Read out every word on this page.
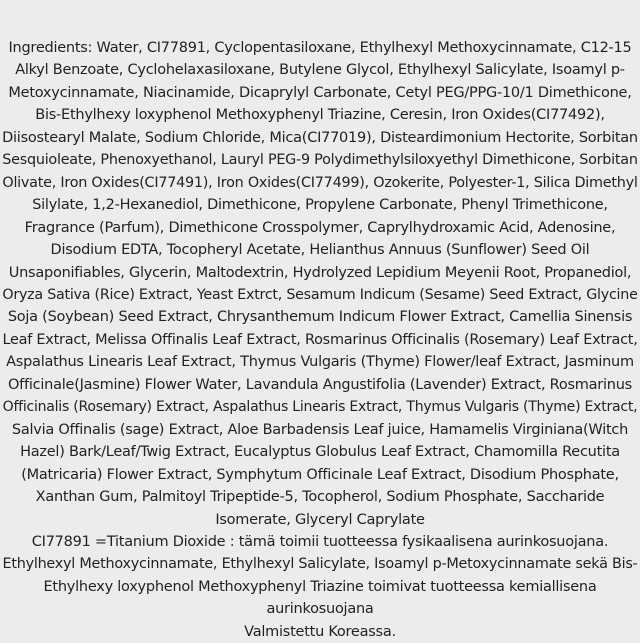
Ingredients: Water, CI77891, Cyclopentasiloxane, Ethylhexyl Methoxycinnamate, C12-15
Alkyl Benzoate, Cyclohelaxasiloxane, Butylene Glycol, Ethylhexyl Salicylate, Isoamyl p-
Metoxycinnamate, Niacinamide, Dicaprylyl Carbonate, Cetyl PEG/PPG-10/1 Dimethicone,
Bis-Ethylhexy loxyphenol Methoxyphenyl Triazine, Ceresin, Iron Oxides(CI77492),
Diisostearyl Malate, Sodium Chloride, Mica(CI77019), Disteardimonium Hectorite, Sorbitan
Sesquioleate, Phenoxyethanol, Lauryl PEG-9 Polydimethylsiloxyethyl Dimethicone, Sorbitan
Olivate, Iron Oxides(CI77491), Iron Oxides(CI77499), Ozokerite, Polyester-1, Silica Dimethyl
Silylate, 1,2-Hexanediol, Dimethicone, Propylene Carbonate, Phenyl Trimethicone,
Fragrance (Parfum), Dimethicone Crosspolymer, Caprylhydroxamic Acid, Adenosine,
Disodium EDTA, Tocopheryl Acetate, Helianthus Annuus (Sunflower) Seed Oil
Unsaponifiables, Glycerin, Maltodextrin, Hydrolyzed Lepidium Meyenii Root, Propanediol,
Oryza Sativa (Rice) Extract, Yeast Extrct, Sesamum Indicum (Sesame) Seed Extract, Glycine
Soja (Soybean) Seed Extract, Chrysanthemum Indicum Flower Extract, Camellia Sinensis
Leaf Extract, Melissa Offinalis Leaf Extract, Rosmarinus Officinalis (Rosemary) Leaf Extract,
Aspalathus Linearis Leaf Extract, Thymus Vulgaris (Thyme) Flower/leaf Extract, Jasminum
Officinale(Jasmine) Flower Water, Lavandula Angustifolia (Lavender) Extract, Rosmarinus
Officinalis (Rosemary) Extract, Aspalathus Linearis Extract, Thymus Vulgaris (Thyme) Extract,
Salvia Offinalis (sage) Extract, Aloe Barbadensis Leaf juice, Hamamelis Virginiana(Witch
Hazel) Bark/Leaf/Twig Extract, Eucalyptus Globulus Leaf Extract, Chamomilla Recutita
(Matricaria) Flower Extract, Symphytum Officinale Leaf Extract, Disodium Phosphate,
Xanthan Gum, Palmitoyl Tripeptide-5, Tocopherol, Sodium Phosphate, Saccharide
Isomerate, Glyceryl Caprylate

CI77891 =Titanium Dioxide : tämä toimii tuotteessa fysikaalisena aurinkosuojana.

Ethylhexyl Methoxycinnamate, Ethylhexyl Salicylate, Isoamyl p-Metoxycinnamate sekä Bis-
Ethylhexy loxyphenol Methoxyphenyl Triazine toimivat tuotteessa kemiallisena
aurinkosuojana

Valmistettu Koreassa.
